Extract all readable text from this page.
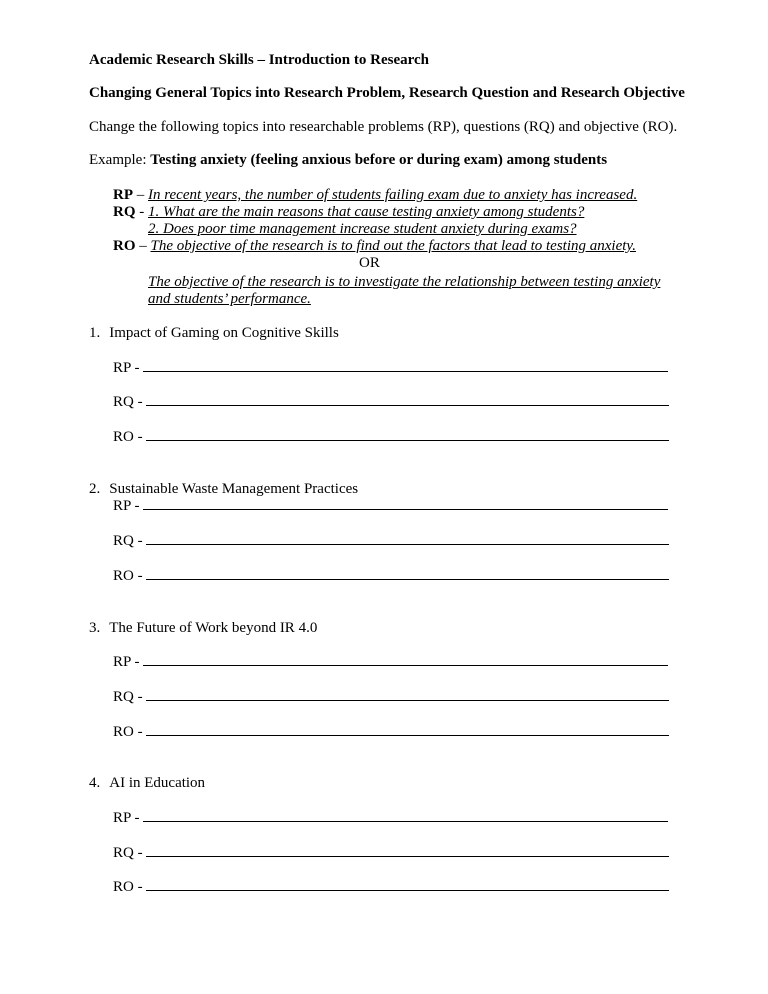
Academic Research Skills – Introduction to Research
Changing General Topics into Research Problem, Research Question and Research Objective
Change the following topics into researchable problems (RP), questions (RQ) and objective (RO).
Example: Testing anxiety (feeling anxious before or during exam) among students
RP – In recent years, the number of students failing exam due to anxiety has increased.
RQ - 1. What are the main reasons that cause testing anxiety among students?
2. Does poor time management increase student anxiety during exams?
RO – The objective of the research is to find out the factors that lead to testing anxiety.
OR
The objective of the research is to investigate the relationship between testing anxiety
and students’ performance.
1. Impact of Gaming on Cognitive Skills
RP -
RQ -
RO -
2. Sustainable Waste Management Practices
RP -
RQ -
RO -
3. The Future of Work beyond IR 4.0
RP -
RQ -
RO -
4. AI in Education
RP -
RQ -
RO -
